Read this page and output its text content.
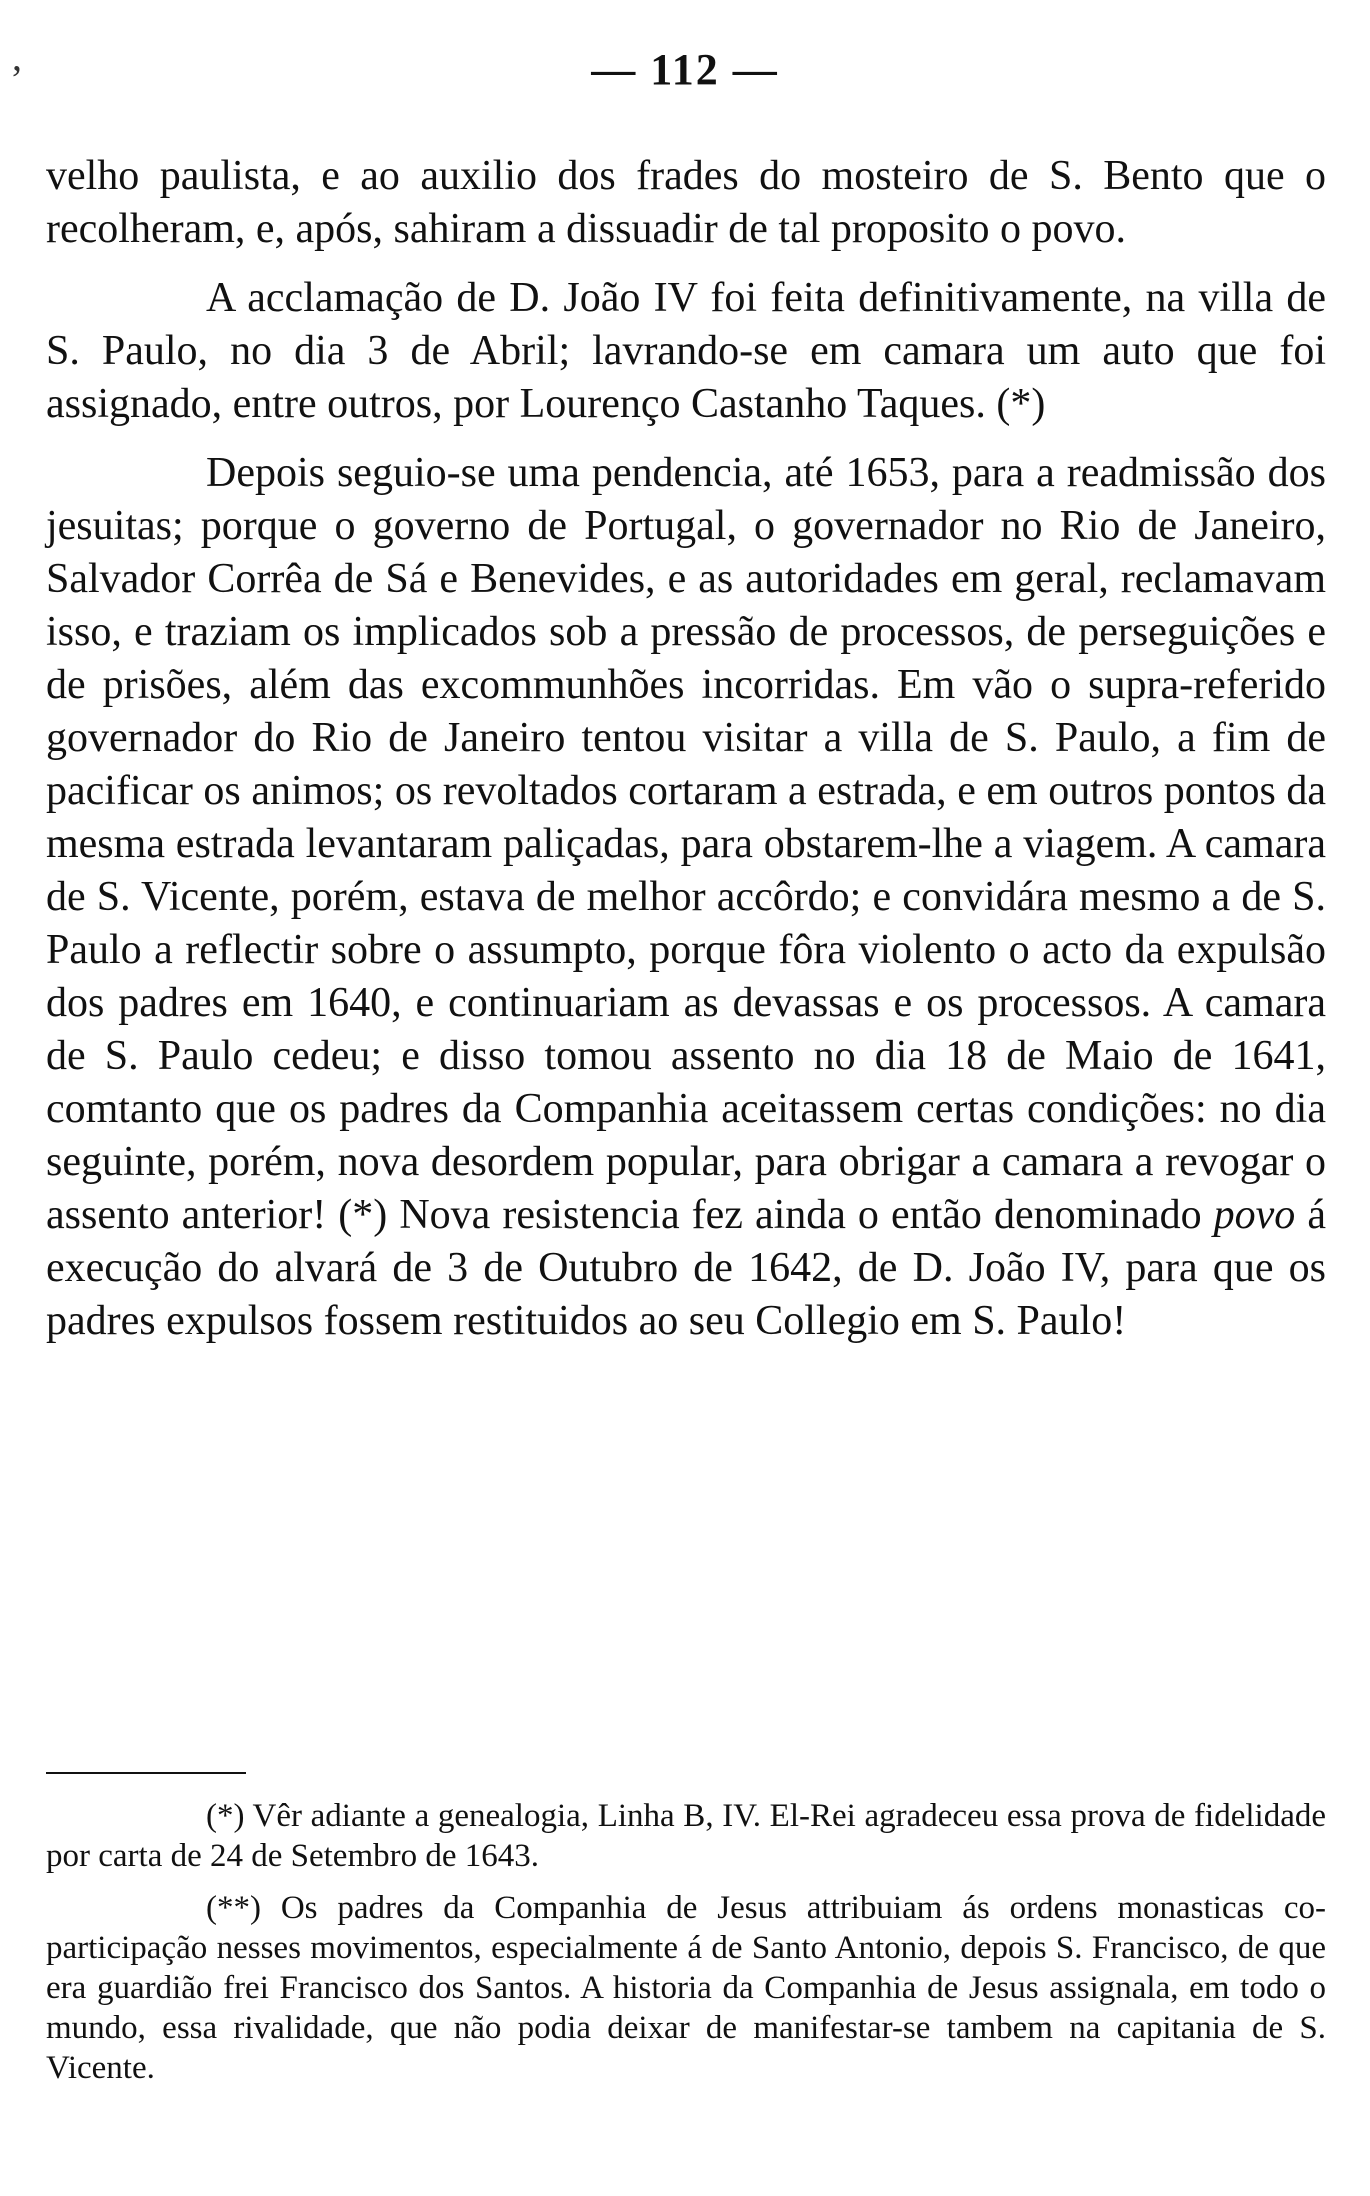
ʼ	— 112 —

velho paulista, e ao auxilio dos frades do mosteiro de S. Bento que o recolheram, e, após, sahiram a dissuadir de tal proposito o povo.

A acclamação de D. João IV foi feita definitivamente, na villa de S. Paulo, no dia 3 de Abril; lavrando-se em camara um auto que foi assignado, entre outros, por Lourenço Castanho Taques. (*)

Depois seguio-se uma pendencia, até 1653, para a readmissão dos jesuitas; porque o governo de Portugal, o governador no Rio de Janeiro, Salvador Corrêa de Sá e Benevides, e as autoridades em geral, reclamavam isso, e traziam os implicados sob a pressão de processos, de perseguições e de prisões, além das excommunhões incorridas. Em vão o supra-referido governador do Rio de Janeiro tentou visitar a villa de S. Paulo, a fim de pacificar os animos; os revoltados cortaram a estrada, e em outros pontos da mesma estrada levantaram paliçadas, para obstarem-lhe a viagem. A camara de S. Vicente, porém, estava de melhor accôrdo; e convidára mesmo a de S. Paulo a reflectir sobre o assumpto, porque fôra violento o acto da expulsão dos padres em 1640, e continuariam as devassas e os processos. A camara de S. Paulo cedeu; e disso tomou assento no dia 18 de Maio de 1641, comtanto que os padres da Companhia aceitassem certas condições: no dia seguinte, porém, nova desordem popular, para obrigar a camara a revogar o assento anterior! (*) Nova resistencia fez ainda o então denominado povo á execução do alvará de 3 de Outubro de 1642, de D. João IV, para que os padres expulsos fossem restituidos ao seu Collegio em S. Paulo!

(*) Vêr adiante a genealogia, Linha B, IV. El-Rei agradeceu essa prova de fidelidade por carta de 24 de Setembro de 1643.

(**) Os padres da Companhia de Jesus attribuiam ás ordens monasticas co-participação nesses movimentos, especialmente á de Santo Antonio, depois S. Francisco, de que era guardião frei Francisco dos Santos. A historia da Companhia de Jesus assignala, em todo o mundo, essa rivalidade, que não podia deixar de manifestar-se tambem na capitania de S. Vicente.
